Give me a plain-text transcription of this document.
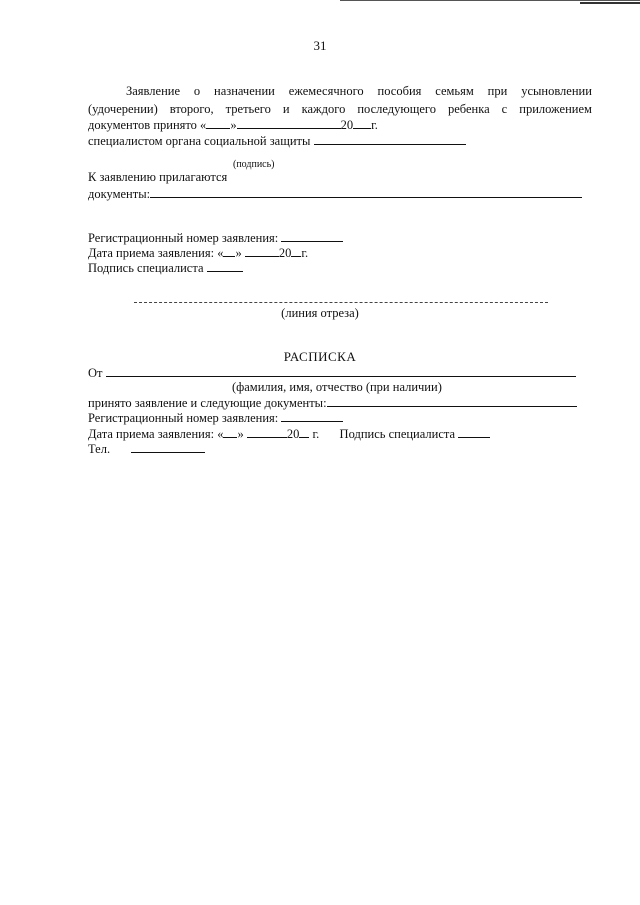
31
Заявление о назначении ежемесячного пособия семьям при усыновлении
(удочерении) второго, третьего и каждого последующего ребенка с приложением
документов принято « »	20 г.
специалистом органа социальной защиты
(подпись)
К заявлению прилагаются
документы:
Регистрационный номер заявления:
Дата приема заявления: « »	20 г.
Подпись специалиста
(линия отреза)
РАСПИСКА
От
(фамилия, имя, отчество (при наличии)
принято заявление и следующие документы:
Регистрационный номер заявления:
Дата приема заявления: « »	20 г. Подпись специалиста
Тел.
